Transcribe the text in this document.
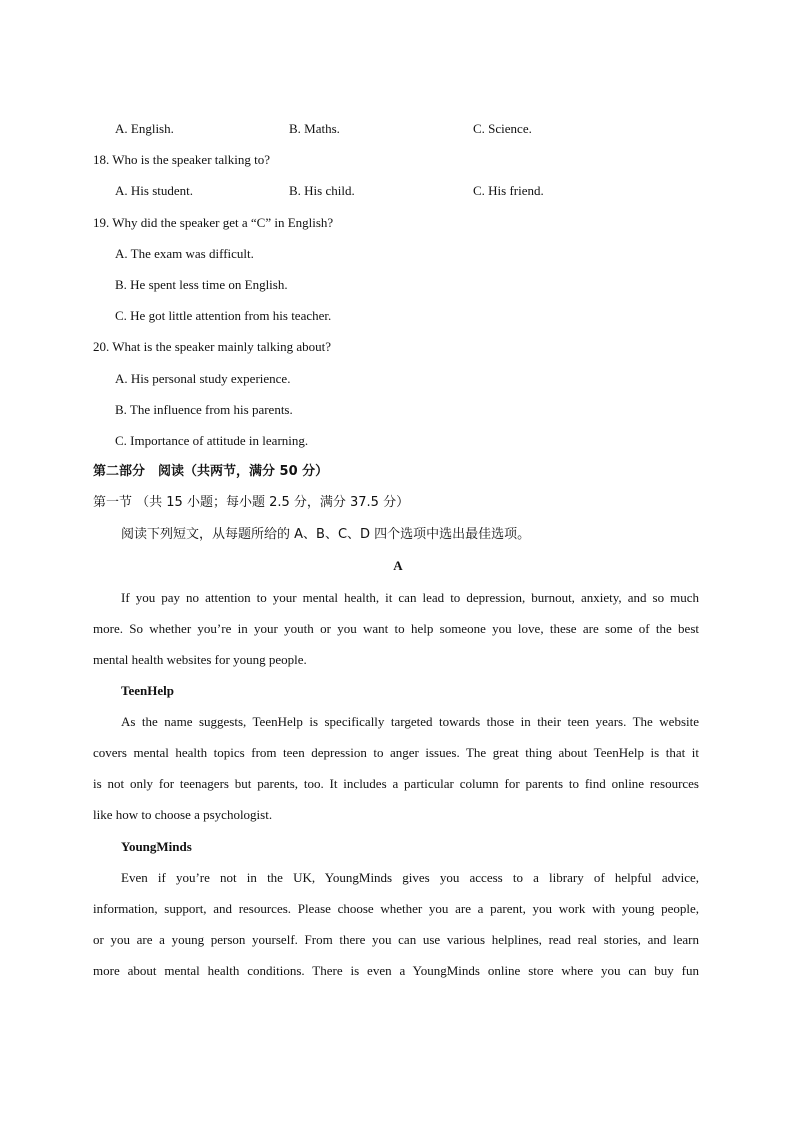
A. English.	B. Maths.	C. Science.
18. Who is the speaker talking to?
A. His student.	B. His child.	C. His friend.
19. Why did the speaker get a “C” in English?
A. The exam was difficult.
B. He spent less time on English.
C. He got little attention from his teacher.
20. What is the speaker mainly talking about?
A. His personal study experience.
B. The influence from his parents.
C. Importance of attitude in learning.
第二部分　阅读（共两节，满分 50 分）
第一节 （共 15 小题；每小题 2.5 分，满分 37.5 分）
阅读下列短文，从每题所给的 A、B、C、D 四个选项中选出最佳选项。
A
If you pay no attention to your mental health, it can lead to depression, burnout, anxiety, and so much
more. So whether you’re in your youth or you want to help someone you love, these are some of the best
mental health websites for young people.
TeenHelp
As the name suggests, TeenHelp is specifically targeted towards those in their teen years. The website
covers mental health topics from teen depression to anger issues. The great thing about TeenHelp is that it
is not only for teenagers but parents, too. It includes a particular column for parents to find online resources
like how to choose a psychologist.
YoungMinds
Even if you’re not in the UK, YoungMinds gives you access to a library of helpful advice,
information, support, and resources. Please choose whether you are a parent, you work with young people,
or you are a young person yourself. From there you can use various helplines, read real stories, and learn
more about mental health conditions. There is even a YoungMinds online store where you can buy fun
